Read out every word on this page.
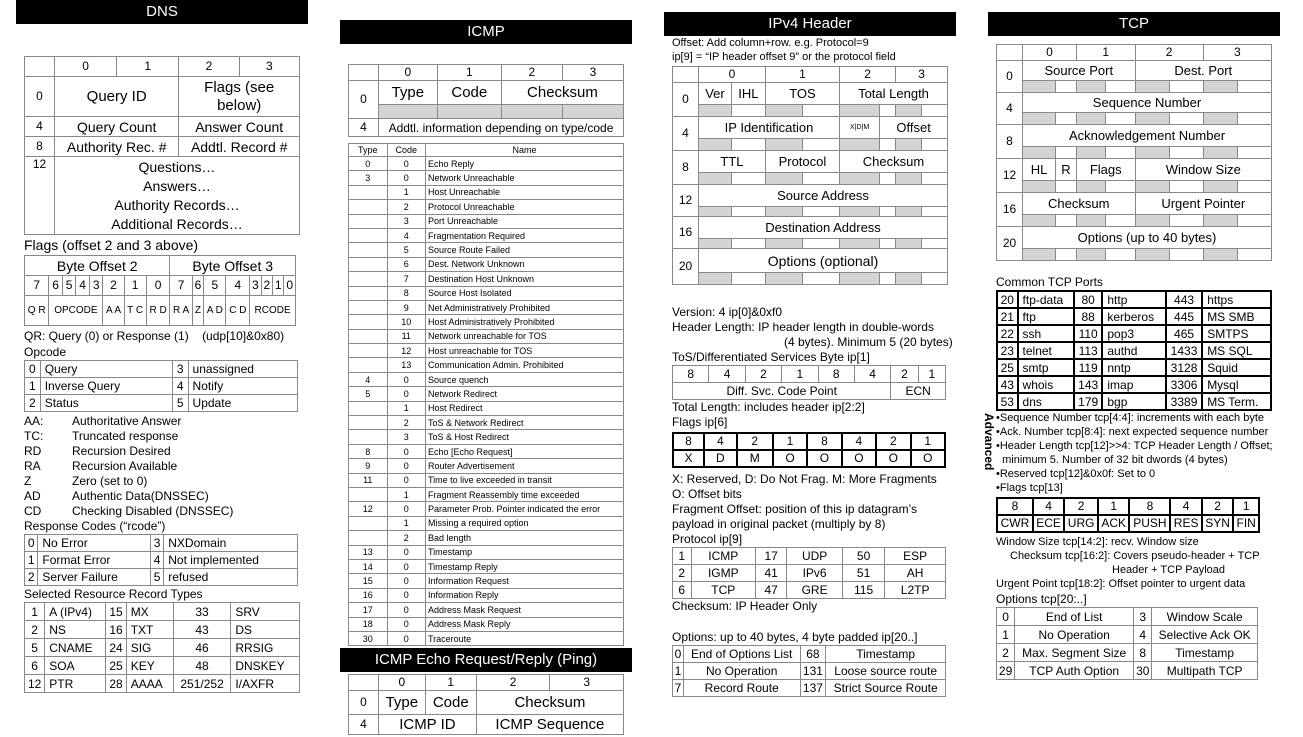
DNS
	0	1	2	3
0	Query ID		Flags (see
below)	

4	Query Count		Answer Count	
8	Authority Rec. #		Addtl. Record #	
12	Questions…
Answers…
Authority Records…
Additional Records…			
Flags (offset 2 and 3 above)
Byte Offset 2								Byte Offset 3							
7	6	5	4	3	2	1	0	7	6	5	4	3	2	1	0
Q R	OPCODE				A A	T C	R D	R A	Z	A D	C D	RCODE			
QR: Query (0) or Response (1) (udp[10]&0x80)
Opcode
0	Query	3	unassigned
1	Inverse Query	4	Notify
2	Status	5	Update
AA:	Authoritative Answer
TC:	Truncated response
RD	Recursion Desired
RA	Recursion Available
Z	Zero (set to 0)
AD	Authentic Data(DNSSEC)
CD	Checking Disabled (DNSSEC)
Response Codes (“rcode”)
0	No Error	3	NXDomain
1	Format Error	4	Not implemented
2	Server Failure	5	refused
Selected Resource Record Types
1	A (IPv4)	15	MX	33	SRV
2	NS	16	TXT	43	DS
5	CNAME	24	SIG	46	RRSIG
6	SOA	25	KEY	48	DNSKEY
12	PTR	28	AAAA	251/252	I/AXFR
ICMP
	0	1	2	3
0	Type	Code	Checksum	

4	Addtl. information depending on type/code			
Type	Code	Name
0	0	Echo Reply
3	0	Network Unreachable
	1	Host Unreachable
	2	Protocol Unreachable
	3	Port Unreachable
	4	Fragmentation Required
	5	Source Route Failed
	6	Dest. Network Unknown
	7	Destination Host Unknown
	8	Source Host Isolated
	9	Net Administratively Prohibited
	10	Host Administratively Prohibited
	11	Network unreachable for TOS
	12	Host unreachable for TOS
	13	Communication Admin. Prohibited
4	0	Source quench
5	0	Network Redirect
	1	Host Redirect
	2	ToS & Network Redirect
	3	ToS & Host Redirect
8	0	Echo [Echo Request]
9	0	Router Advertisement
11	0	Time to live exceeded in transit
	1	Fragment Reassembly time exceeded
12	0	Parameter Prob. Pointer indicated the error
	1	Missing a required option
	2	Bad length
13	0	Timestamp
14	0	Timestamp Reply
15	0	Information Request
16	0	Information Reply
17	0	Address Mask Request
18	0	Address Mask Reply
30	0	Traceroute
ICMP Echo Request/Reply (Ping)
	0	1	2	3
0	Type	Code	Checksum	
4	ICMP ID		ICMP Sequence	
IPv4 Header
Offset: Add column+row. e.g. Protocol=9
ip[9] = “IP header offset 9” or the protocol field
	0		1		2		3	
0	Ver	IHL	TOS		Total Length			

4	IP Identification				X|D|M	Offset		

8	TTL		Protocol		Checksum			

12	Source Address							

16	Destination Address							

20	Options (optional)							

Version: 4 ip[0]&0xf0
Header Length: IP header length in double-words
(4 bytes). Minimum 5 (20 bytes)
ToS/Differentiated Services Byte ip[1]
8	4	2	1	8	4	2	1
Diff. Svc. Code Point						ECN	
Total Length: includes header ip[2:2]
Flags ip[6]
8	4	2	1	8	4	2	1
X	D	M	O	O	O	O	O
X: Reserved, D: Do Not Frag. M: More Fragments
O: Offset bits
Fragment Offset: position of this ip datagram’s
payload in original packet (multiply by 8)
Protocol ip[9]
1	ICMP	17	UDP	50	ESP
2	IGMP	41	IPv6	51	AH
6	TCP	47	GRE	115	L2TP
Checksum: IP Header Only
Options: up to 40 bytes, 4 byte padded ip[20..]
0	End of Options List	68	Timestamp
1	No Operation	131	Loose source route
7	Record Route	137	Strict Source Route
TCP
	0		1		2		3	
0	Source Port				Dest. Port			

4	Sequence Number							

8	Acknowledgement Number							

12	HL	R	Flags		Window Size			

16	Checksum				Urgent Pointer			

20	Options (up to 40 bytes)							

Common TCP Ports
20	ftp-data	80	http	443	https
21	ftp	88	kerberos	445	MS SMB
22	ssh	110	pop3	465	SMTPS
23	telnet	113	authd	1433	MS SQL
25	smtp	119	nntp	3128	Squid
43	whois	143	imap	3306	Mysql
53	dns	179	bgp	3389	MS Term.
Advanced •Sequence Number tcp[4:4]: increments with each byte
•Ack. Number tcp[8:4]: next expected sequence number
•Header Length tcp[12]>>4: TCP Header Length / Offset;
minimum 5. Number of 32 bit dwords (4 bytes)
•Reserved tcp[12]&0x0f: Set to 0
•Flags tcp[13]
8	4	2	1	8	4	2	1
CWR	ECE	URG	ACK	PUSH	RES	SYN	FIN
Window Size tcp[14:2]: recv. Window size
Checksum tcp[16:2]: Covers pseudo-header + TCP
Header + TCP Payload
Urgent Point tcp[18:2]: Offset pointer to urgent data
Options tcp[20:..]
0	End of List	3	Window Scale
1	No Operation	4	Selective Ack OK
2	Max. Segment Size	8	Timestamp
29	TCP Auth Option	30	Multipath TCP
